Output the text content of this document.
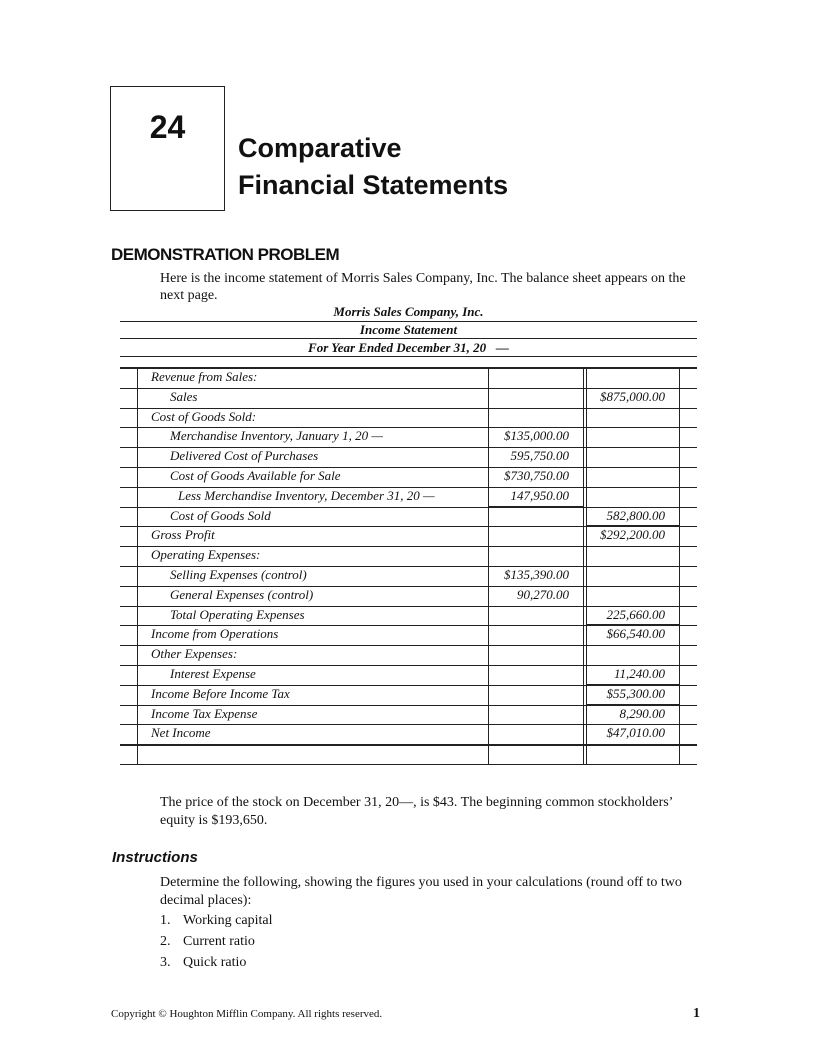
24
Comparative
Financial Statements
DEMONSTRATION PROBLEM
Here is the income statement of Morris Sales Company, Inc. The balance sheet appears on the next page.
Morris Sales Company, Inc.
Income Statement
For Year Ended December 31, 20   —
Revenue from Sales:
Sales	$875,000.00
Cost of Goods Sold:
Merchandise Inventory, January 1, 20 —	$135,000.00
Delivered Cost of Purchases	595,750.00
Cost of Goods Available for Sale	$730,750.00
Less Merchandise Inventory, December 31, 20 —	147,950.00
Cost of Goods Sold	582,800.00
Gross Profit	$292,200.00
Operating Expenses:
Selling Expenses (control)	$135,390.00
General Expenses (control)	90,270.00
Total Operating Expenses	225,660.00
Income from Operations	$66,540.00
Other Expenses:
Interest Expense	11,240.00
Income Before Income Tax	$55,300.00
Income Tax Expense	8,290.00
Net Income	$47,010.00
The price of the stock on December 31, 20—, is $43. The beginning common stockholders’ equity is $193,650.
Instructions
Determine the following, showing the figures you used in your calculations (round off to two decimal places):
1. Working capital
2. Current ratio
3. Quick ratio
Copyright © Houghton Mifflin Company. All rights reserved.	1
